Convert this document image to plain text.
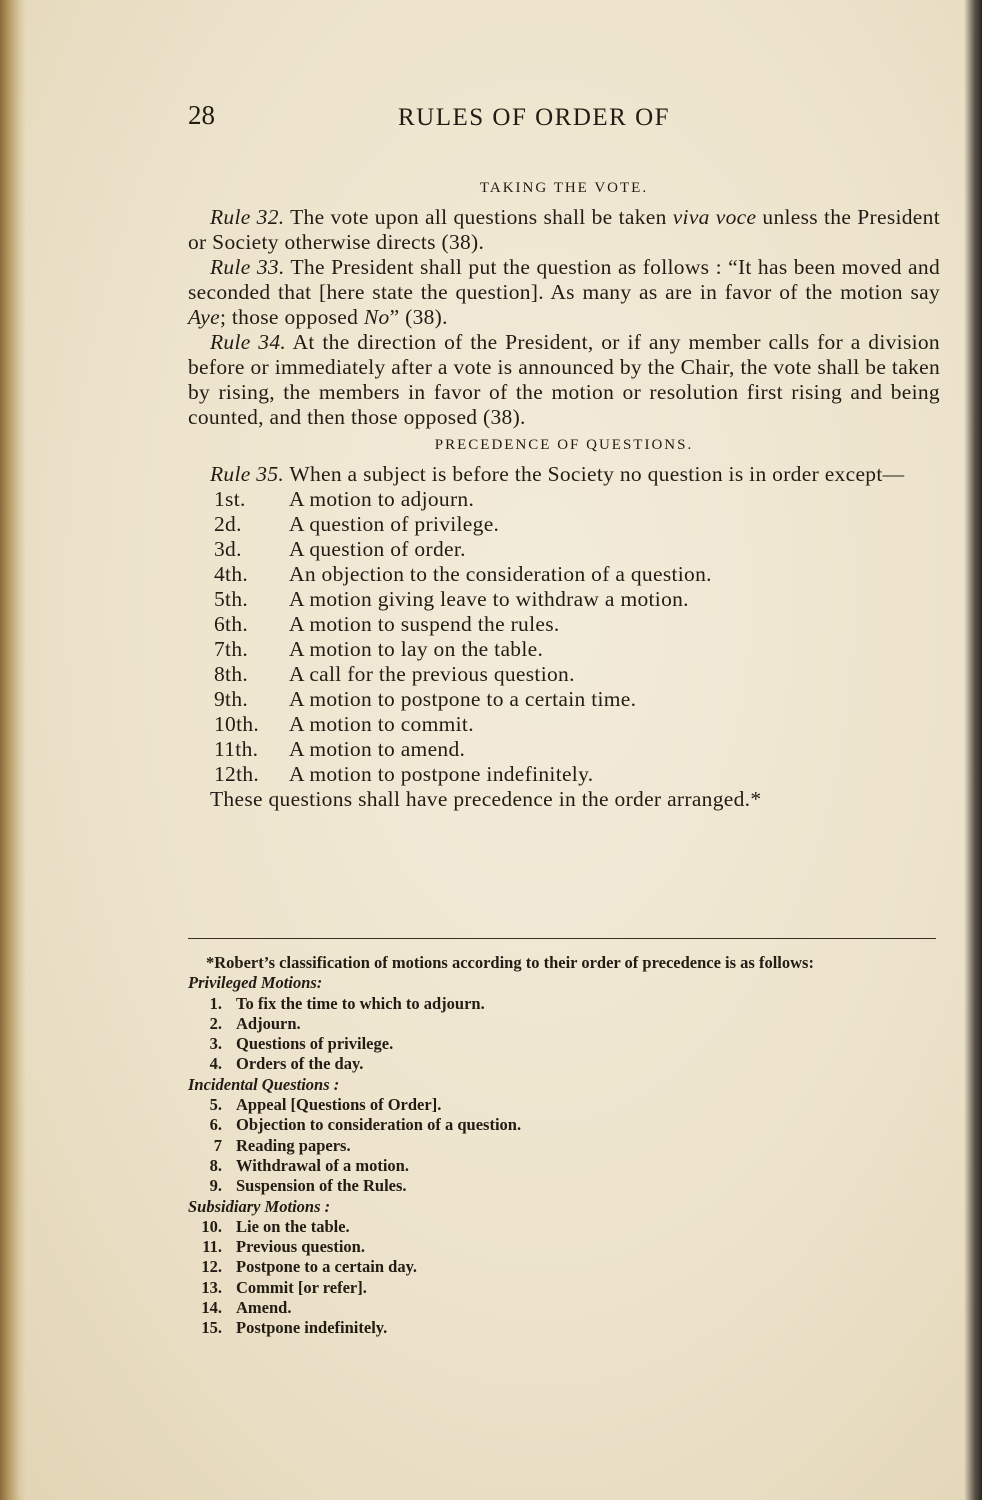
28	RULES OF ORDER OF
TAKING THE VOTE.

Rule 32. The vote upon all questions shall be taken viva voce unless the President or Society otherwise directs (38).

Rule 33. The President shall put the question as follows : “It has been moved and seconded that [here state the question]. As many as are in favor of the motion say Aye; those opposed No” (38).

Rule 34. At the direction of the President, or if any member calls for a division before or immediately after a vote is announced by the Chair, the vote shall be taken by rising, the members in favor of the motion or resolution first rising and being counted, and then those opposed (38).

PRECEDENCE OF QUESTIONS.

Rule 35. When a subject is before the Society no question is in order except—

1st.	A motion to adjourn.
2d.	A question of privilege.
3d.	A question of order.
4th.	An objection to the consideration of a question.
5th.	A motion giving leave to withdraw a motion.
6th.	A motion to suspend the rules.
7th.	A motion to lay on the table.
8th.	A call for the previous question.
9th.	A motion to postpone to a certain time.
10th.	A motion to commit.
11th.	A motion to amend.
12th.	A motion to postpone indefinitely.

These questions shall have precedence in the order arranged.*

*Robert’s classification of motions according to their order of precedence is as follows:
Privileged Motions:
1. To fix the time to which to adjourn.
2. Adjourn.
3. Questions of privilege.
4. Orders of the day.
Incidental Questions :
5. Appeal [Questions of Order].
6. Objection to consideration of a question.
7 Reading papers.
8. Withdrawal of a motion.
9. Suspension of the Rules.
Subsidiary Motions :
10. Lie on the table.
11. Previous question.
12. Postpone to a certain day.
13. Commit [or refer].
14. Amend.
15. Postpone indefinitely.
